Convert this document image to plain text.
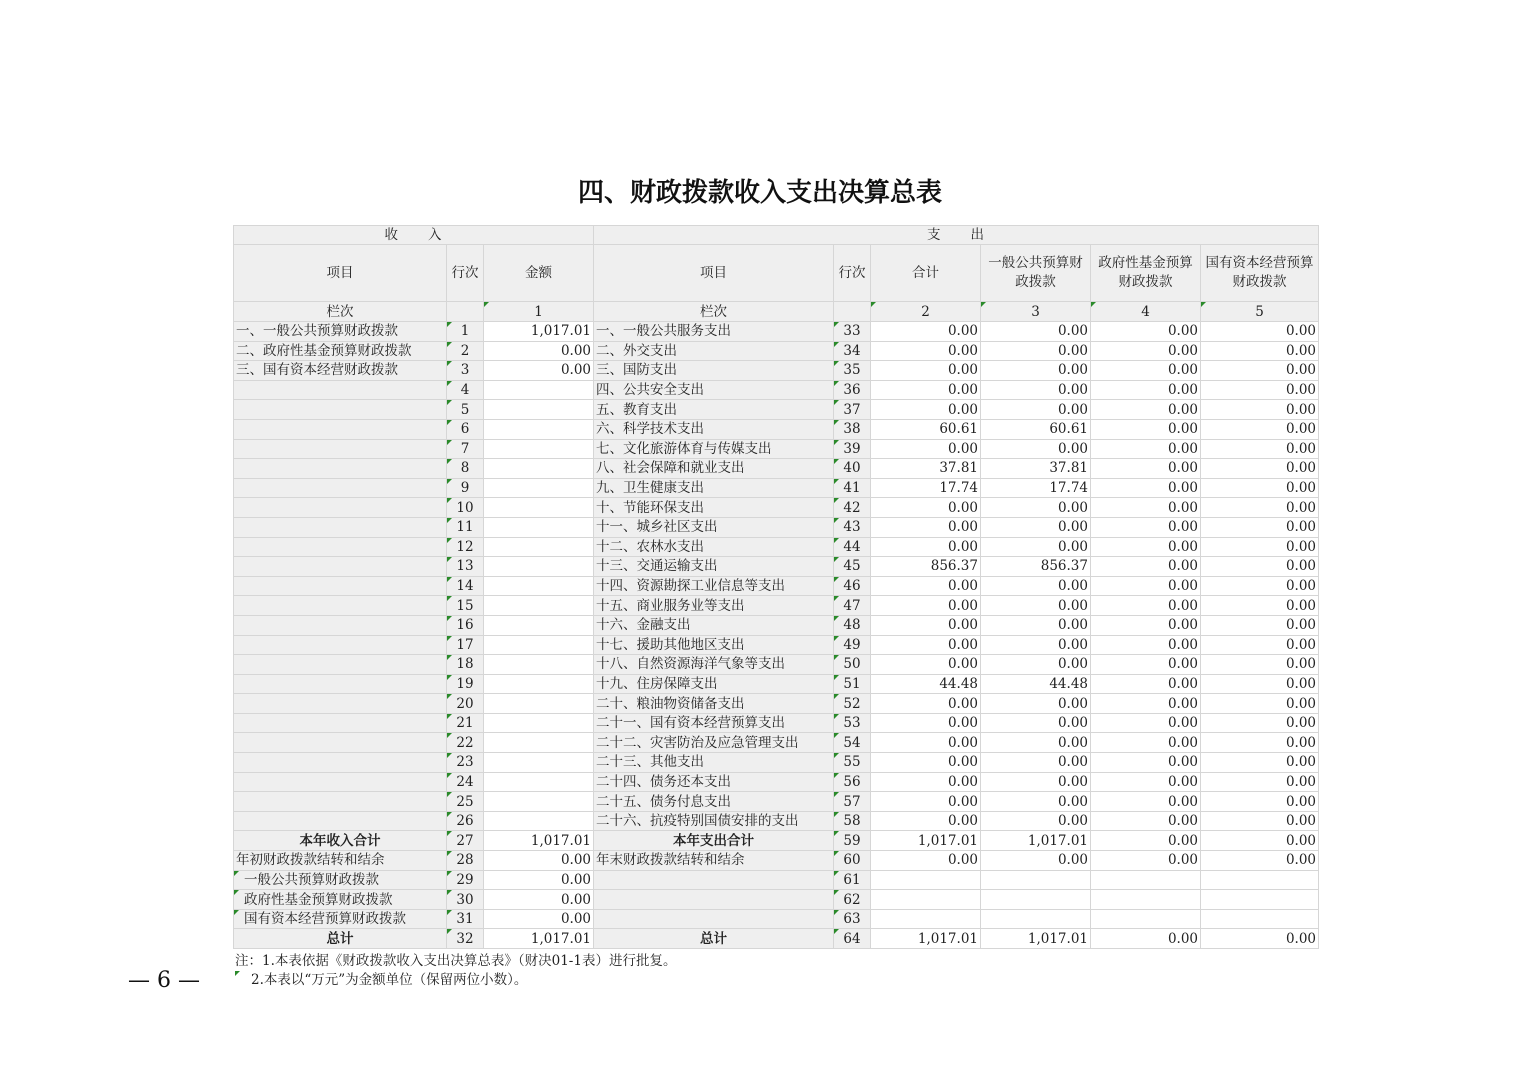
四、财政拨款收入支出决算总表
收　　入			支　　出					
项目	行次	金额	项目	行次	合计	一般公共预算财政拨款	政府性基金预算财政拨款	国有资本经营预算财政拨款
栏次		1	栏次		2	3	4	5
一、一般公共预算财政拨款	1	1,017.01	一、一般公共服务支出	33	0.00	0.00	0.00	0.00
二、政府性基金预算财政拨款	2	0.00	二、外交支出	34	0.00	0.00	0.00	0.00
三、国有资本经营财政拨款	3	0.00	三、国防支出	35	0.00	0.00	0.00	0.00
	4		四、公共安全支出	36	0.00	0.00	0.00	0.00
	5		五、教育支出	37	0.00	0.00	0.00	0.00
	6		六、科学技术支出	38	60.61	60.61	0.00	0.00
	7		七、文化旅游体育与传媒支出	39	0.00	0.00	0.00	0.00
	8		八、社会保障和就业支出	40	37.81	37.81	0.00	0.00
	9		九、卫生健康支出	41	17.74	17.74	0.00	0.00
	10		十、节能环保支出	42	0.00	0.00	0.00	0.00
	11		十一、城乡社区支出	43	0.00	0.00	0.00	0.00
	12		十二、农林水支出	44	0.00	0.00	0.00	0.00
	13		十三、交通运输支出	45	856.37	856.37	0.00	0.00
	14		十四、资源勘探工业信息等支出	46	0.00	0.00	0.00	0.00
	15		十五、商业服务业等支出	47	0.00	0.00	0.00	0.00
	16		十六、金融支出	48	0.00	0.00	0.00	0.00
	17		十七、援助其他地区支出	49	0.00	0.00	0.00	0.00
	18		十八、自然资源海洋气象等支出	50	0.00	0.00	0.00	0.00
	19		十九、住房保障支出	51	44.48	44.48	0.00	0.00
	20		二十、粮油物资储备支出	52	0.00	0.00	0.00	0.00
	21		二十一、国有资本经营预算支出	53	0.00	0.00	0.00	0.00
	22		二十二、灾害防治及应急管理支出	54	0.00	0.00	0.00	0.00
	23		二十三、其他支出	55	0.00	0.00	0.00	0.00
	24		二十四、债务还本支出	56	0.00	0.00	0.00	0.00
	25		二十五、债务付息支出	57	0.00	0.00	0.00	0.00
	26		二十六、抗疫特别国债安排的支出	58	0.00	0.00	0.00	0.00
本年收入合计	27	1,017.01	本年支出合计	59	1,017.01	1,017.01	0.00	0.00
年初财政拨款结转和结余	28	0.00	年末财政拨款结转和结余	60	0.00	0.00	0.00	0.00
一般公共预算财政拨款	29	0.00		61				
政府性基金预算财政拨款	30	0.00		62				
国有资本经营预算财政拨款	31	0.00		63				
总计	32	1,017.01	总计	64	1,017.01	1,017.01	0.00	0.00
注：1.本表依据《财政拨款收入支出决算总表》（财决01-1表）进行批复。
2.本表以“万元”为金额单位（保留两位小数）。
— 6 —
